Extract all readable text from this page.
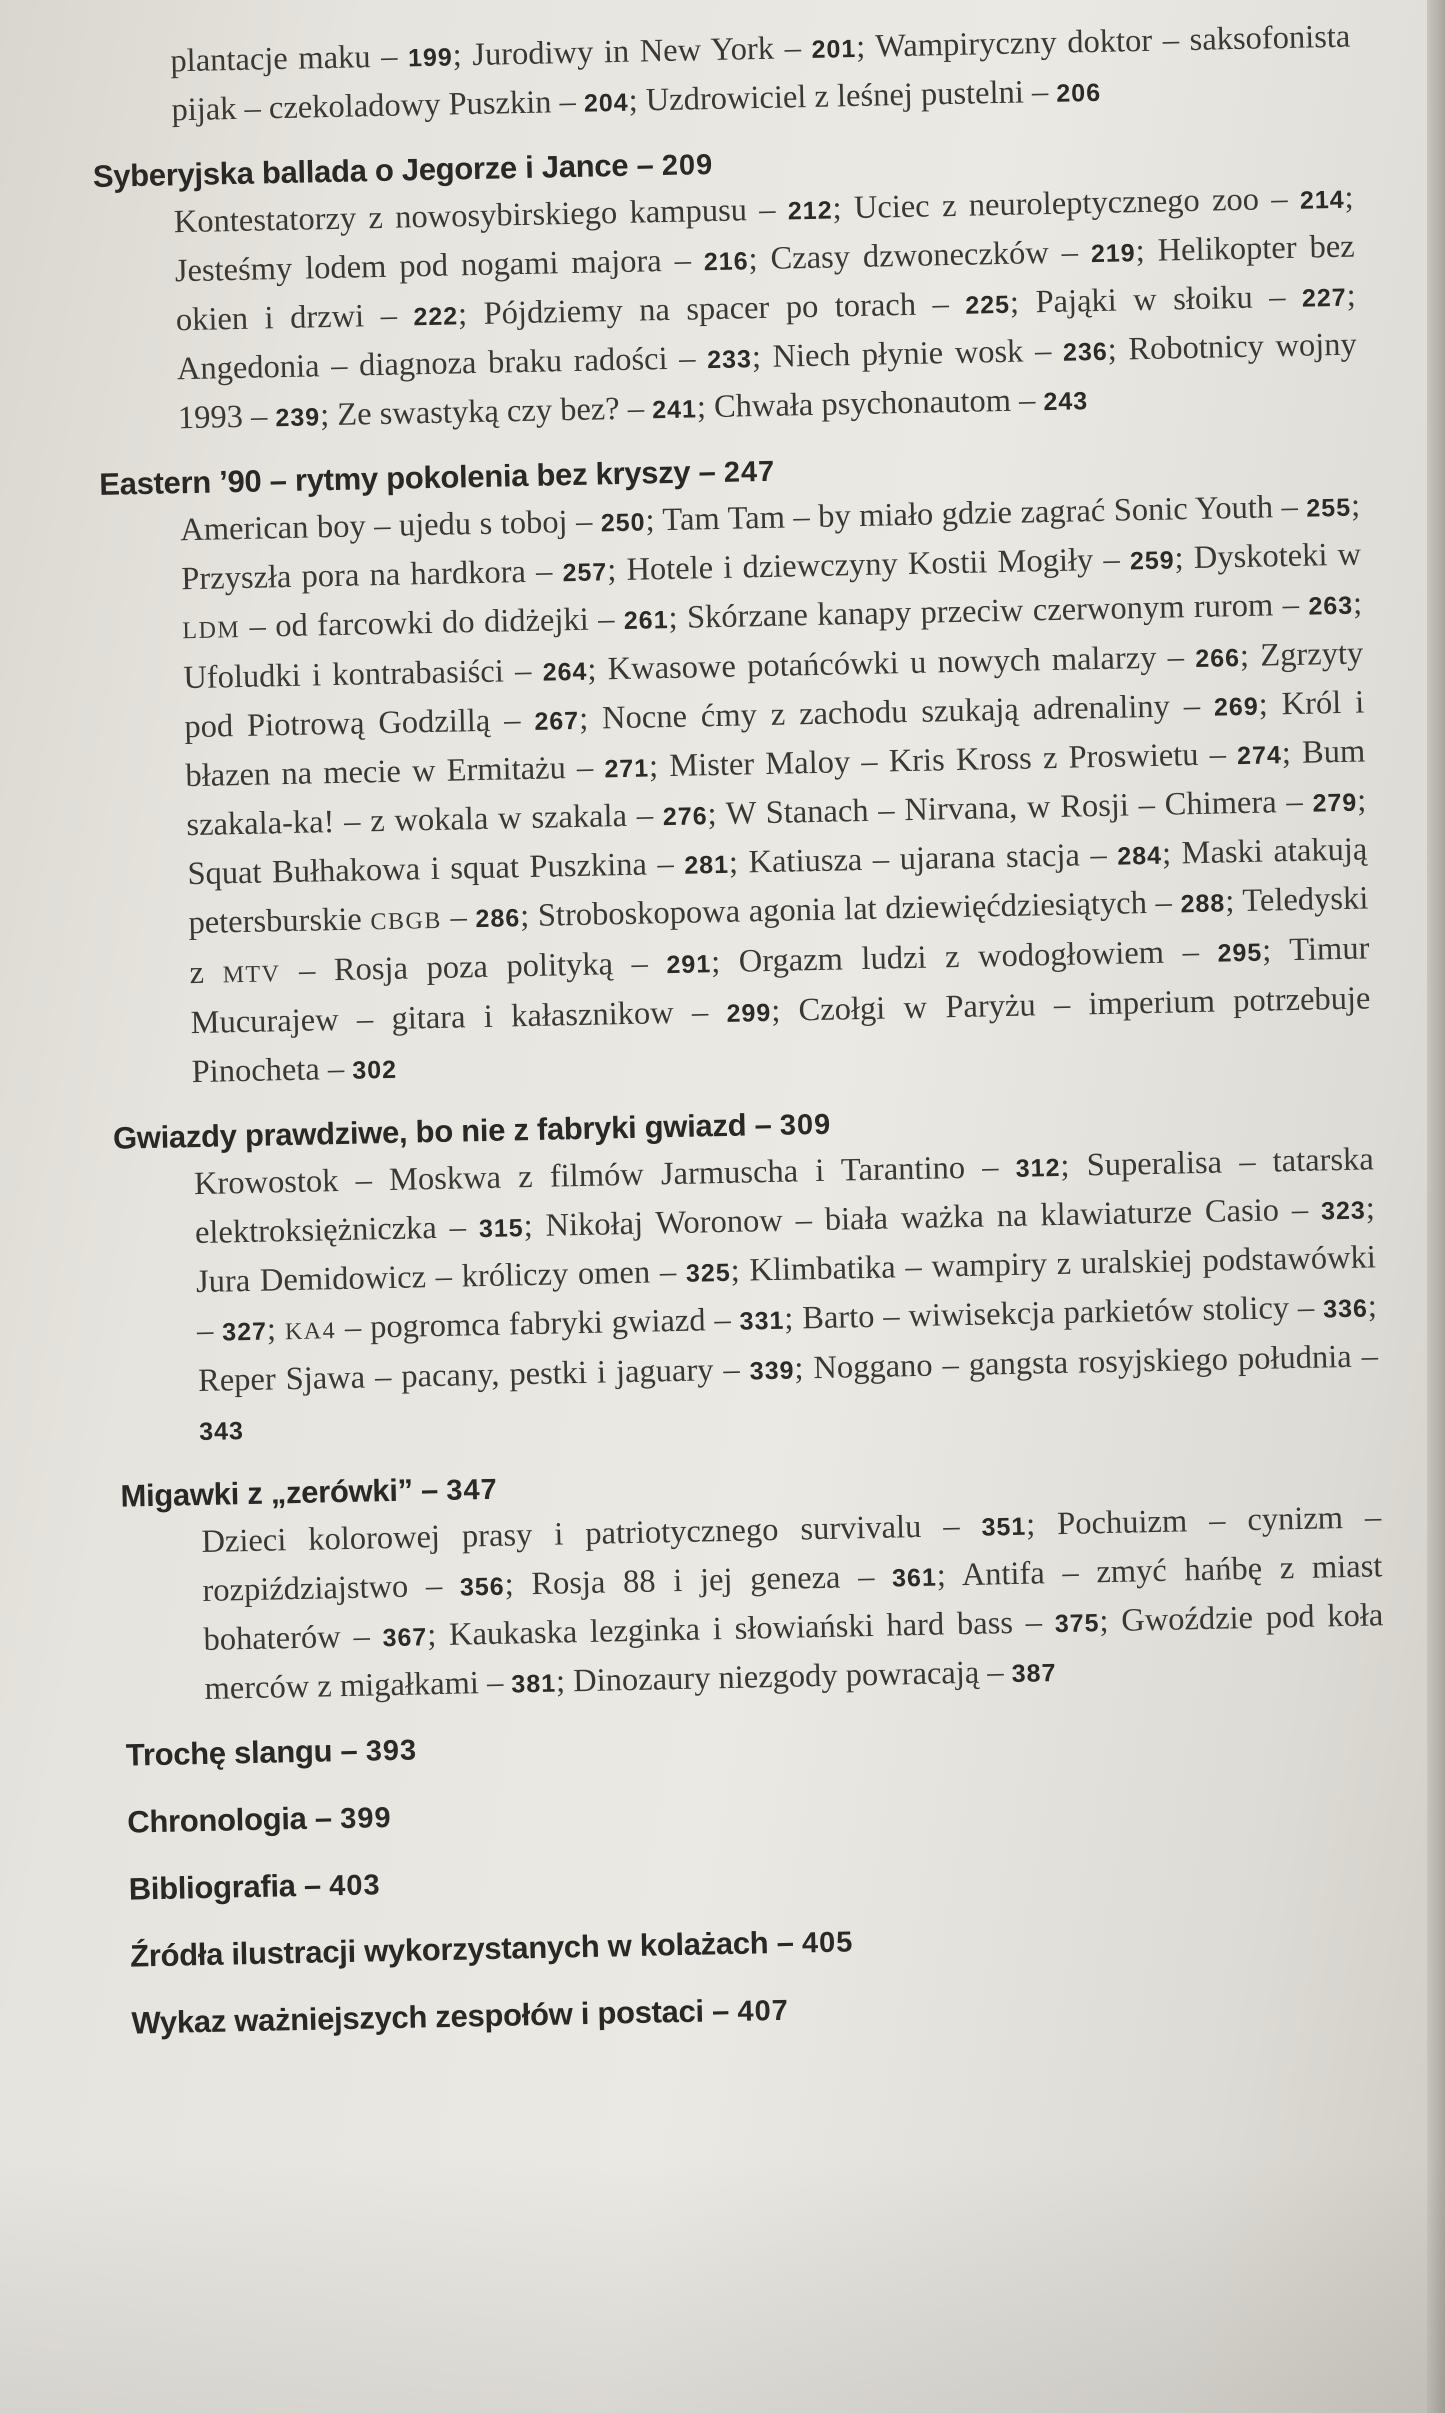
plantacje maku – 199; Jurodiwy in New York – 201; Wampiryczny doktor – saksofonista pijak – czekoladowy Puszkin – 204; Uzdrowiciel z leśnej pustelni – 206

Syberyjska ballada o Jegorze i Jance – 209

Kontestatorzy z nowosybirskiego kampusu – 212; Uciec z neuroleptycznego zoo – 214; Jesteśmy lodem pod nogami majora – 216; Czasy dzwoneczków – 219; Helikopter bez okien i drzwi – 222; Pójdziemy na spacer po torach – 225; Pająki w słoiku – 227; Angedonia – diagnoza braku radości – 233; Niech płynie wosk – 236; Robotnicy wojny 1993 – 239; Ze swastyką czy bez? – 241; Chwała psychonautom – 243

Eastern ’90 – rytmy pokolenia bez kryszy – 247

American boy – ujedu s toboj – 250; Tam Tam – by miało gdzie zagrać Sonic Youth – 255; Przyszła pora na hardkora – 257; Hotele i dziewczyny Kostii Mogiły – 259; Dyskoteki w LDM – od farcowki do didżejki – 261; Skórzane kanapy przeciw czerwonym rurom – 263; Ufoludki i kontrabasiści – 264; Kwasowe potańcówki u nowych malarzy – 266; Zgrzyty pod Piotrową Godzillą – 267; Nocne ćmy z zachodu szukają adrenaliny – 269; Król i błazen na mecie w Ermitażu – 271; Mister Maloy – Kris Kross z Proswietu – 274; Bum szakala-ka! – z wokala w szakala – 276; W Stanach – Nirvana, w Rosji – Chimera – 279; Squat Bułhakowa i squat Puszkina – 281; Katiusza – ujarana stacja – 284; Maski atakują petersburskie CBGB – 286; Stroboskopowa agonia lat dziewięćdziesiątych – 288; Teledyski z MTV – Rosja poza polityką – 291; Orgazm ludzi z wodogłowiem – 295; Timur Mucurajew – gitara i kałasznikow – 299; Czołgi w Paryżu – imperium potrzebuje Pinocheta – 302

Gwiazdy prawdziwe, bo nie z fabryki gwiazd – 309

Krowostok – Moskwa z filmów Jarmuscha i Tarantino – 312; Superalisa – tatarska elektroksiężniczka – 315; Nikołaj Woronow – biała ważka na klawiaturze Casio – 323; Jura Demidowicz – króliczy omen – 325; Klimbatika – wampiry z uralskiej podstawówki – 327; KA4 – pogromca fabryki gwiazd – 331; Barto – wiwisekcja parkietów stolicy – 336; Reper Sjawa – pacany, pestki i jaguary – 339; Noggano – gangsta rosyjskiego południa – 343

Migawki z „zerówki” – 347

Dzieci kolorowej prasy i patriotycznego survivalu – 351; Pochuizm – cynizm – rozpiździajstwo – 356; Rosja 88 i jej geneza – 361; Antifa – zmyć hańbę z miast bohaterów – 367; Kaukaska lezginka i słowiański hard bass – 375; Gwoździe pod koła merców z migałkami – 381; Dinozaury niezgody powracają – 387

Trochę slangu – 393

Chronologia – 399

Bibliografia – 403

Źródła ilustracji wykorzystanych w kolażach – 405

Wykaz ważniejszych zespołów i postaci – 407
